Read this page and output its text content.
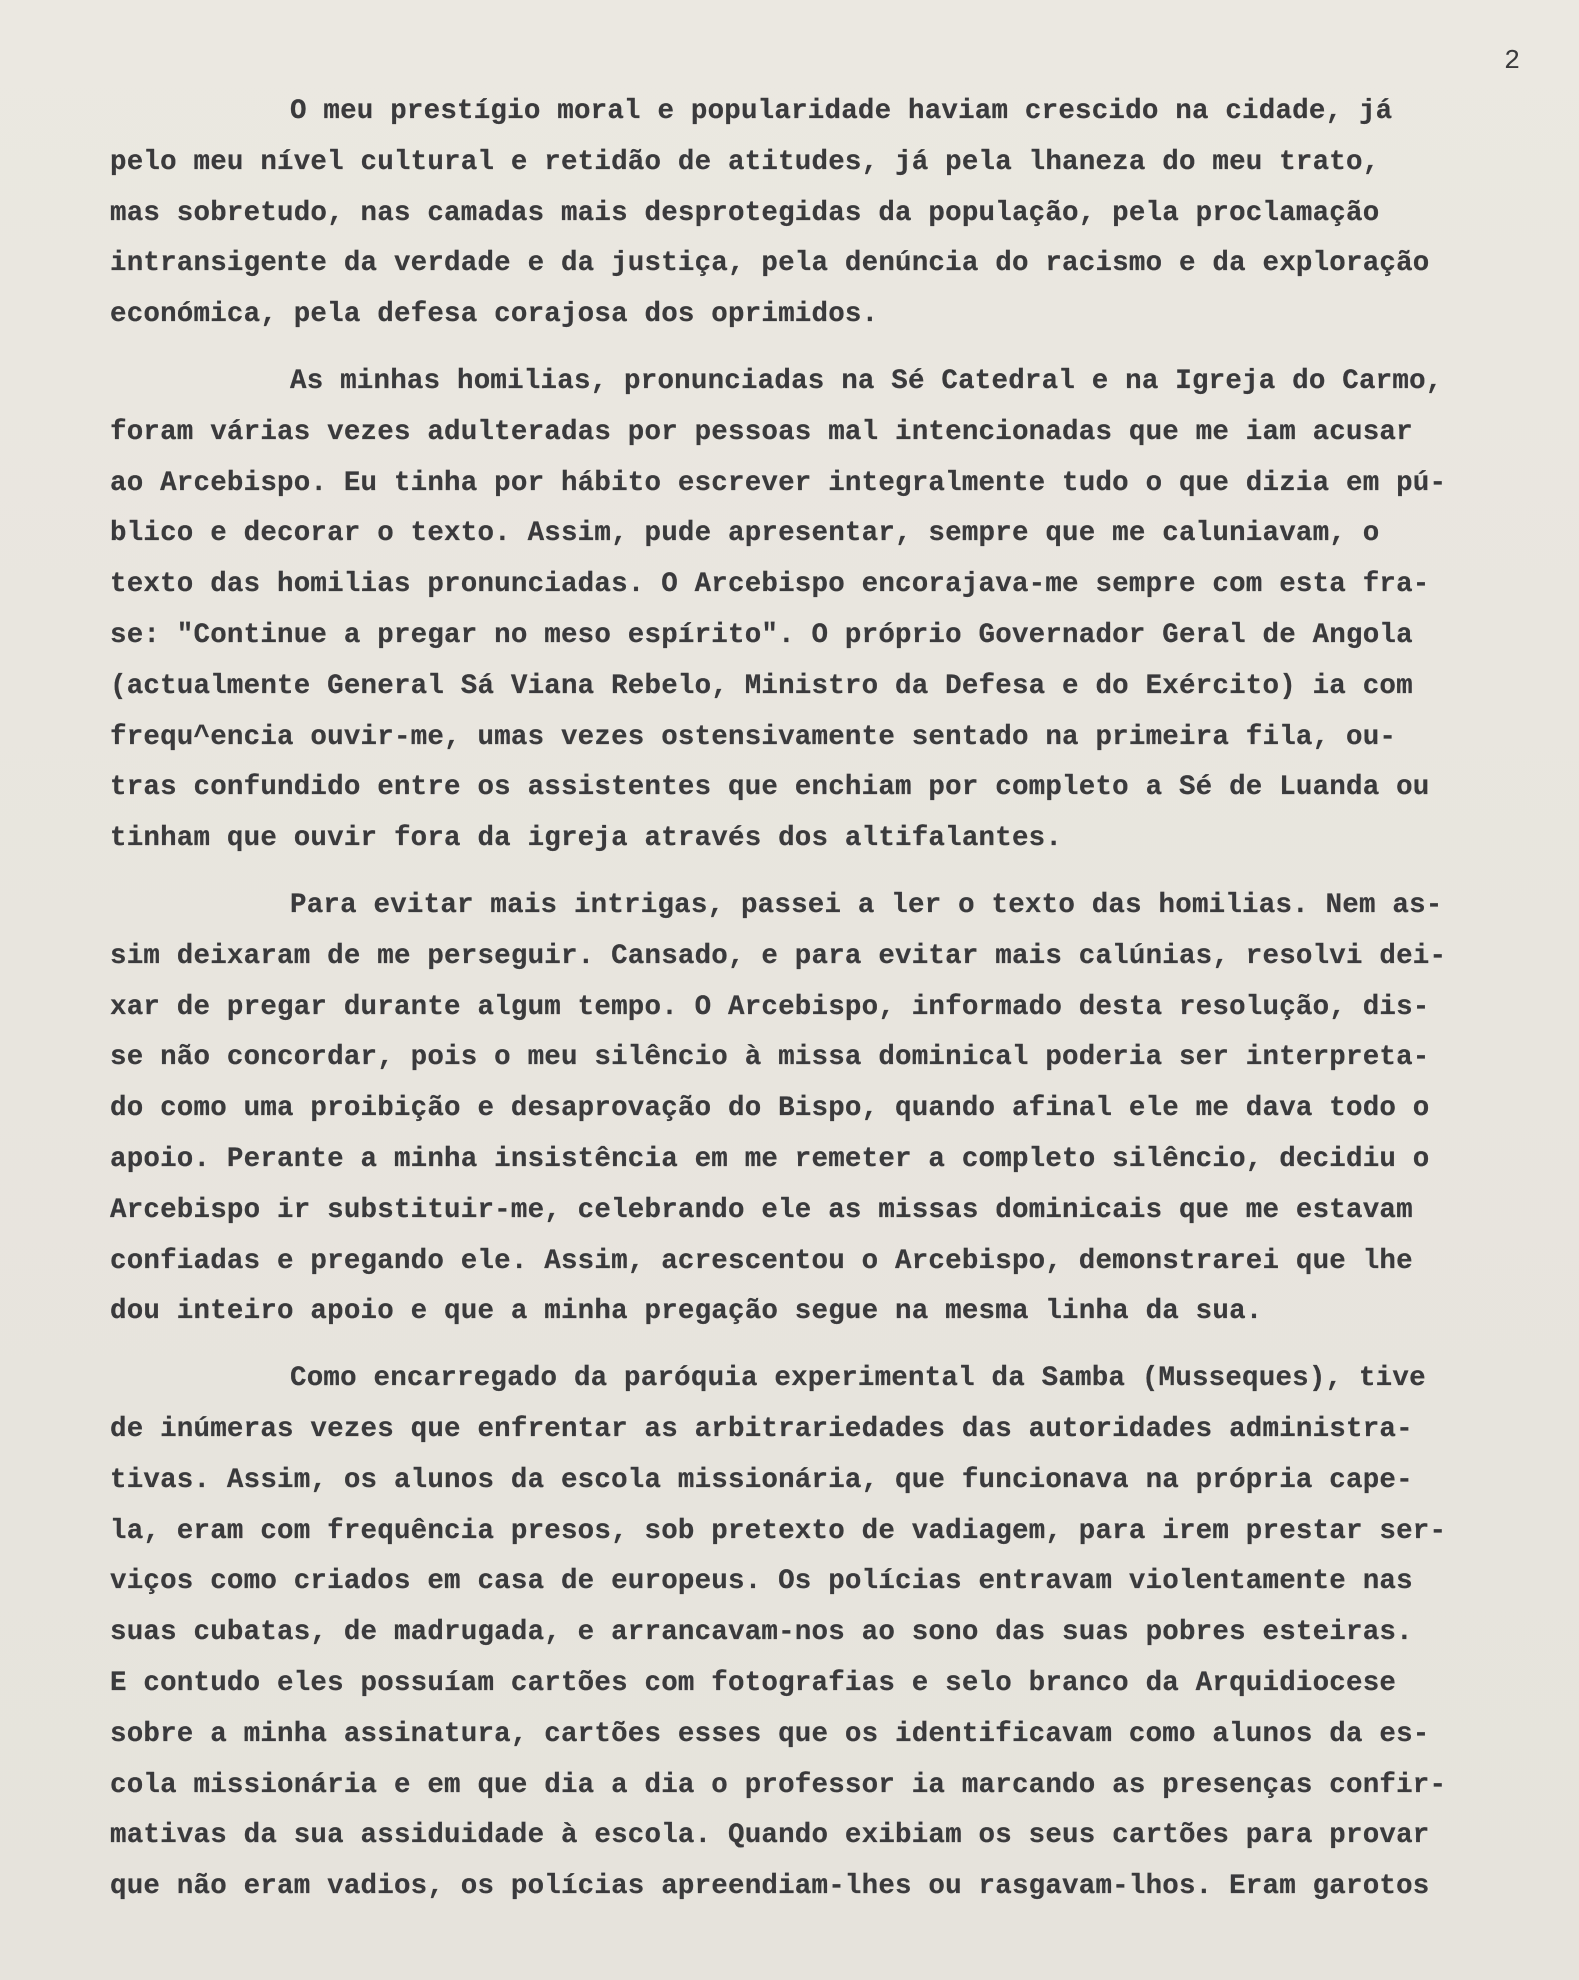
2
O meu prestígio moral e popularidade haviam crescido na cidade, já
pelo meu nível cultural e retidão de atitudes, já pela lhaneza do meu trato,
mas sobretudo, nas camadas mais desprotegidas da população, pela proclamação
intransigente da verdade e da justiça, pela denúncia do racismo e da exploração
económica, pela defesa corajosa dos oprimidos.
As minhas homilias, pronunciadas na Sé Catedral e na Igreja do Carmo,
foram várias vezes adulteradas por pessoas mal intencionadas que me iam acusar
ao Arcebispo. Eu tinha por hábito escrever integralmente tudo o que dizia em pú-
blico e decorar o texto. Assim, pude apresentar, sempre que me caluniavam, o
texto das homilias pronunciadas. O Arcebispo encorajava-me sempre com esta fra-
se: "Continue a pregar no meso espírito". O próprio Governador Geral de Angola
(actualmente General Sá Viana Rebelo, Ministro da Defesa e do Exército) ia com
frequ^encia ouvir-me, umas vezes ostensivamente sentado na primeira fila, ou-
tras confundido entre os assistentes que enchiam por completo a Sé de Luanda ou
tinham que ouvir fora da igreja através dos altifalantes.
Para evitar mais intrigas, passei a ler o texto das homilias. Nem as-
sim deixaram de me perseguir. Cansado, e para evitar mais calúnias, resolvi dei-
xar de pregar durante algum tempo. O Arcebispo, informado desta resolução, dis-
se não concordar, pois o meu silêncio à missa dominical poderia ser interpreta-
do como uma proibição e desaprovação do Bispo, quando afinal ele me dava todo o
apoio. Perante a minha insistência em me remeter a completo silêncio, decidiu o
Arcebispo ir substituir-me, celebrando ele as missas dominicais que me estavam
confiadas e pregando ele. Assim, acrescentou o Arcebispo, demonstrarei que lhe
dou inteiro apoio e que a minha pregação segue na mesma linha da sua.
Como encarregado da paróquia experimental da Samba (Musseques), tive
de inúmeras vezes que enfrentar as arbitrariedades das autoridades administra-
tivas. Assim, os alunos da escola missionária, que funcionava na própria cape-
la, eram com frequência presos, sob pretexto de vadiagem, para irem prestar ser-
viços como criados em casa de europeus. Os polícias entravam violentamente nas
suas cubatas, de madrugada, e arrancavam-nos ao sono das suas pobres esteiras.
E contudo eles possuíam cartões com fotografias e selo branco da Arquidiocese
sobre a minha assinatura, cartões esses que os identificavam como alunos da es-
cola missionária e em que dia a dia o professor ia marcando as presenças confir-
mativas da sua assiduidade à escola. Quando exibiam os seus cartões para provar
que não eram vadios, os polícias apreendiam-lhes ou rasgavam-lhos. Eram garotos
